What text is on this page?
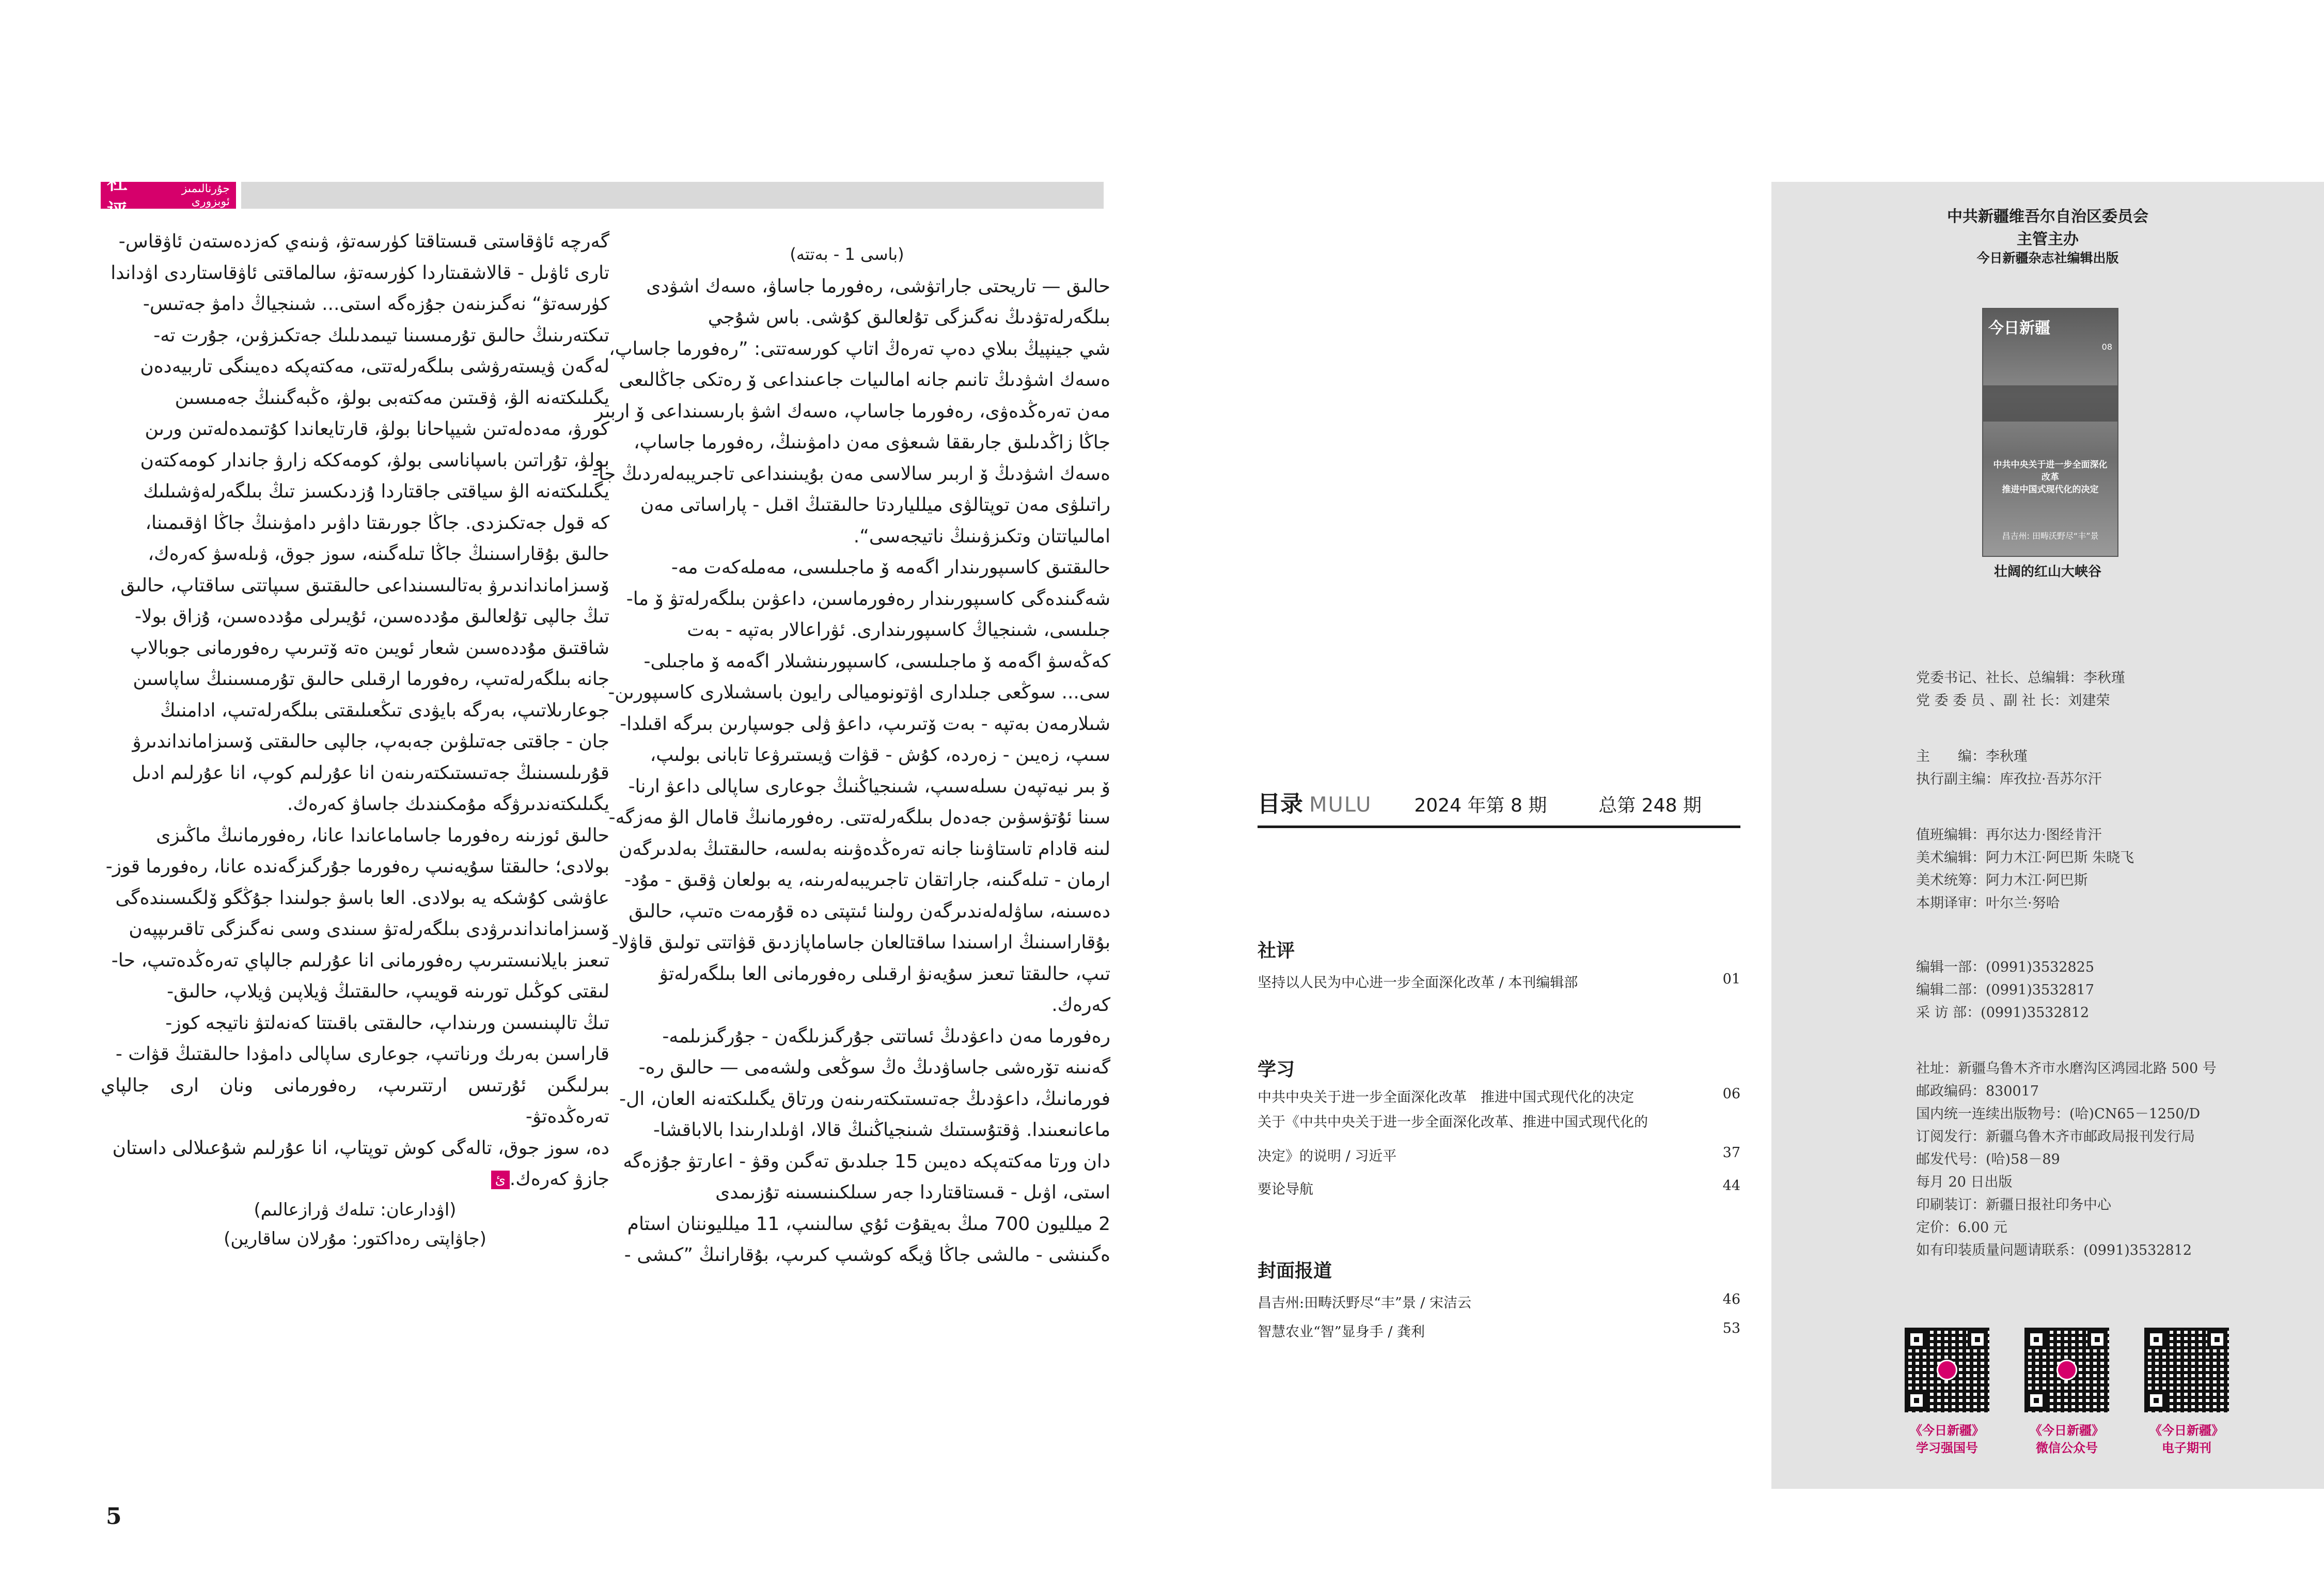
社评
جۇرنالىمىز ئوبزورى

گەرچە ئاۋقاستى قىستاقتا كۈرسەتۋ، ۋىنەي كەزدەستەن ئاۋقاس-

تارى ئاۋىل - قالاشقىتاردا كۈرسەتۋ، سالماقتى ئاۋقاستاردى اۋداندا

كۈرسەتۋ“ نەگىزىنەن جۇزەگە استى... شىنجياڭ دامۋ جەتىس-

تىكتەرىنىڭ حالىق تۇرمىسىنا تيىمدىلىك جەتكىزۋىن، جۇرت تە-

لەگەن ۋيستەرۋشى بىلگەرلەتتى، مەكتەپكە دەيىنگى تاربيەدەن

يگىلىكتەنە الۋ، ۋقىتىن مەكتەبى بولۋ، ەڭبەگىنىڭ جەمىسىن

كورۋ، مەدەلەتىن شيپاحانا بولۋ، قارتايعاندا كۇتىمدەلەتىن ورىن

بولۋ، تۇراتىن باسپاناسى بولۋ، كومەككە زارۋ جاندار كومەكتەن

يگىلىكتەنە الۋ سياقتى جاقتاردا ۇزدىكسىز تىڭ بىلگەرلەۋشىلىك

كە قول جەتكىزدى. جاڭا جورىقتا داۋىر دامۋىنىڭ جاڭا اۋقىمىنا،

حالىق بۇقاراسىنىڭ جاڭا تىلەگىنە، سوز جوق، ۋىلەسۋ كەرەك،

ۆسىزامانداندىرۋ بەتالىسىنداعى حالىقتىق سىپاتتى ساقتاپ، حالىق

تىڭ جالپى تۇلعالىق مۇددەسىن، ئۇيىرلى مۇددەسىن، ۇزاق بولا-

شاقتىق مۇددەسىن شعار ئويىن ەتە ۆتىرىپ رەفورمانى جوبالاپ

جانە بىلگەرلەتىپ، رەفورما ارقىلى حالىق تۇرمىسىنىڭ ساپاسىن

جوعارىلاتىپ، بەرگە بايۋدى تىڭعىلىقتى بىلگەرلەتىپ، ادامنىڭ

جان - جاقتى جەتىلۋىن جەبەپ، جالپى حالىقتى ۆسىزامانداندىرۋ

قۇرىلىسىنىڭ جەتىستىكتەرىنەن انا عۇرلىم كوپ، انا عۇرلىم ادىل

يگىلىكتەندىرۋگە مۇمكىندىك جاساۋ كەرەك.

حالىق ئوزىنە رەفورما جاساماعاندا عانا، رەفورمانىڭ ماڭىزى

بولادى؛ حالىقتا سۇيەنىپ رەفورما جۇرگىزگەندە عانا، رەفورما قوز-

عاۋشى كۇشكە يە بولادى. العا باسۋ جولىندا جۇڭگو ۆلگىسىندەگى

ۆسىزامانداندىرۋدى بىلگەرلەتۋ سىندى وسى نەگىزگى تاقىرىپپەن

تىعىز بايلانىستىرىپ رەفورمانى انا عۇرلىم جالپاي تەرەڭدەتىپ، حا-

لىقتى كوڭىل تورىنە قويىپ، حالىقتىڭ ۋيلاپىن ۋيلاپ، حالىق-

تىڭ تالپىنىسىن ورىنداپ، حالىقتى باقىتتا كەنەلتۋ ناتيجە كوز-

قاراسىن بەرىك ورناتىپ، جوعارى ساپالى دامۋدا حالىقتىڭ قۋات -

بىرلىگىن ئۇرتىس ارتتىرىپ، رەفورمانى ونان ارى جالپاي تەرەڭدەتۋ-

دە، سوز جوق، تالەگى كوش توپتاپ، انا عۇرلىم شۇعىلالى داستان

جازۋ كەرەك.ئ

(اۋدارعان: تىلەك ۋرازعالىم)

(جاۋاپتى رەداكتور: مۇرلان ساقارين)

(باسى 1 - بەتتە)

حالىق — تاريحتى جاراتۋشى، رەفورما جاساۋ، ەسەك اشۋدى

بىلگەرلەتۋدىڭ نەگىزگى تۇلعالىق كۇشى. باس شۇجي

شي جينپيڭ بىلاي دەپ تەرەڭ اتاپ كورسەتتى: ”رەفورما جاساپ،

ەسەك اشۋدىڭ تانىم جانە امالىيات جاعىنداعى ۆ رەتكى جاڭالىعى

مەن تەرەڭدەۋى، رەفورما جاساپ، ەسەك اشۋ بارىسىنداعى ۆ اربىر

جاڭا زاڭدىلىق جارىققا شىعۋى مەن دامۋىنىڭ، رەفورما جاساپ،

ەسەك اشۋدىڭ ۆ اربىر سالاسى مەن بۇيىنىنداعى تاجىريبەلەردىڭ جا-

راتىلۋى مەن توپتالۋى ميللياردتا حالىقتىڭ اقىل - پاراساتى مەن

امالىياتتان وتكىزۋىنىڭ ناتيجەسى“.

حالىقتىق كاسىپورىندار اگەمە ۆ ماجىلىسى، مەملەكەت مە-

شەگىندەگى كاسىپورىندار رەفورماسىن، داعۋىن بىلگەرلەتۋ ۆ ما-

جىلىسى، شىنجياڭ كاسىپورىندارى. ئۋراعالار بەتپە - بەت

كەڭەسۋ اگەمە ۆ ماجىلىسى، كاسىپورىنشىلار اگەمە ۆ ماجىلى-

سى... سوڭعى جىلدارى اۋتونوميالى رايون باسشىلارى كاسىپورىن-

شىلارمەن بەتپە - بەت ۆتىرىپ، داعۋ ۋلى جوسپارىن بىرگە اقىلدا-

سىپ، زەيىن - زەردە، كۇش - قۋات ۋيستىرۋعا تابانى بولىپ،

ۆ بىر نيەتپەن ىسلەسىپ، شىنجياڭنىڭ جوعارى ساپالى داعۋ ارنا-

سىنا ئۇتۋسۋىن جەدەل بىلگەرلەتتى. رەفورمانىڭ قامال الۋ مەزگە-

لىنە قادام تاستاۋىنا جانە تەرەڭدەۋىنە بەلسە، حالىقتىڭ بەلدىرگەن

ارمان - تىلەگىنە، جاراتقان تاجىريبەلەرىنە، يە بولعان ۋقىق - مۇد-

دەسىنە، ساۋلەلەندىرگەن رولىنا ئىتپتى دە قۇرمەت ەتىپ، حالىق

بۇقاراسىنىڭ اراسىندا ساقتالعان جاساماپازدىق قۋاتتى تولىق قاۋلا-

تىپ، حالىقتا تىعىز سۇيەنۋ ارقىلى رەفورمانى العا بىلگەرلەتۋ

كەرەك.

رەفورما مەن داعۋدىڭ ئساتتى جۇرگىزىلگەن - جۇرگىزىلمە-

گەنىنە تۆرەشى جاساۋدىڭ ەڭ سوڭعى ولشەمى — حالىق رە-

فورمانىڭ، داعۋدىڭ جەتىستىكتەرىنەن ورتاق يگىلىكتەنە العان، ال-

ماعانىعىندا. ۋقتۇسىتىك شىنجياڭنىڭ قالا، اۋىلدارىندا بالاباقشا-

دان ورتا مەكتەپكە دەيىن 15 جىلدىق تەگىن وقۋ - اعارتۋ جۇزەگە

استى، اۋىل - قىستاقتاردا جەر سىلكىنىسىنە تۇزىمدى

2 ميلليون 700 مىڭ بەيقۇت ئۇي سالىنىپ، 11 ميلليوننان استام

ەگىنشى - مالشى جاڭا ۋيگە كوشىپ كىرىپ، بۇقارانىڭ ”كىشى -

5
目录 MULU 2024 年第 8 期	总第 248 期
社评
坚持以人民为中心进一步全面深化改革 / 本刊编辑部	01
学习
中共中央关于进一步全面深化改革　推进中国式现代化的决定	06
关于《中共中央关于进一步全面深化改革、推进中国式现代化的
决定》的说明 / 习近平	37
要论导航	44
封面报道
昌吉州:田畴沃野尽“丰”景 / 宋洁云	46
智慧农业“智”显身手 / 龚利	53
中共新疆维吾尔自治区委员会
主管主办
今日新疆杂志社编辑出版
壮阔的红山大峡谷
今日新疆
08
中共中央关于进一步全面深化改革
推进中国式现代化的决定
昌吉州: 田畴沃野尽“丰”景
党委书记、社长、总编辑：李秋瑾
党 委 委 员 、副 社 长：刘建荣
主　　编：李秋瑾
执行副主编：库孜拉·吾苏尔汗
值班编辑：再尔达力·图经肯汗
美术编辑：阿力木江·阿巴斯 朱晓飞
美术统筹：阿力木江·阿巴斯
本期译审：叶尔兰·努哈
编辑一部：(0991)3532825
编辑二部：(0991)3532817
采 访 部：(0991)3532812
社址：新疆乌鲁木齐市水磨沟区鸿园北路 500 号
邮政编码：830017
国内统一连续出版物号：(哈)CN65－1250/D
订阅发行：新疆乌鲁木齐市邮政局报刊发行局
邮发代号：(哈)58－89
每月 20 日出版
印刷装订：新疆日报社印务中心
定价：6.00 元
如有印装质量问题请联系：(0991)3532812
《今日新疆》
学习强国号
《今日新疆》
微信公众号
《今日新疆》
电子期刊
